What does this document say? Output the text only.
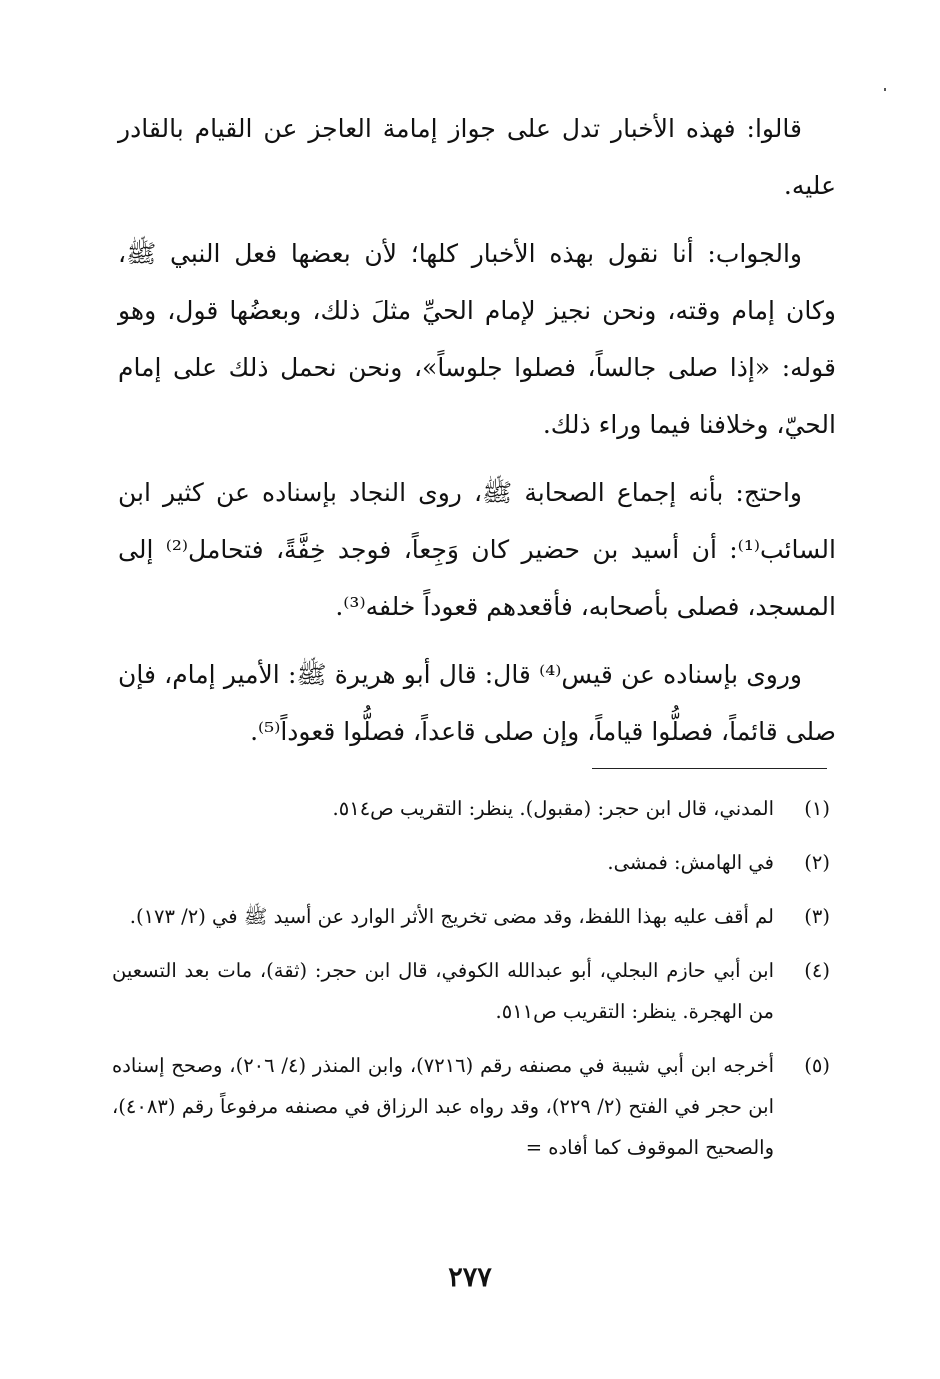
قالوا: فهذه الأخبار تدل على جواز إمامة العاجز عن القيام بالقادر عليه.

والجواب: أنا نقول بهذه الأخبار كلها؛ لأن بعضها فعل النبي ﷺ، وكان إمام وقته، ونحن نجيز لإمام الحيِّ مثلَ ذلك، وبعضُها قول، وهو قوله: «إذا صلى جالساً، فصلوا جلوساً»، ونحن نحمل ذلك على إمام الحيّ، وخلافنا فيما وراء ذلك.

واحتج: بأنه إجماع الصحابة ﷺ، روى النجاد بإسناده عن كثير ابن السائب⁽¹⁾: أن أسيد بن حضير كان وَجِعاً، فوجد خِفَّةً، فتحامل⁽²⁾ إلى المسجد، فصلى بأصحابه، فأقعدهم قعوداً خلفه⁽³⁾.

وروى بإسناده عن قيس⁽⁴⁾ قال: قال أبو هريرة ﷺ: الأمير إمام، فإن صلى قائماً، فصلُّوا قياماً، وإن صلى قاعداً، فصلُّوا قعوداً⁽⁵⁾.

(١)
المدني، قال ابن حجر: (مقبول). ينظر: التقريب ص٥١٤.
(٢)
في الهامش: فمشى.
(٣)
لم أقف عليه بهذا اللفظ، وقد مضى تخريج الأثر الوارد عن أسيد ﷺ في (٢/ ١٧٣).
(٤)
ابن أبي حازم البجلي، أبو عبدالله الكوفي، قال ابن حجر: (ثقة)، مات بعد التسعين من الهجرة. ينظر: التقريب ص٥١١.
(٥)
أخرجه ابن أبي شيبة في مصنفه رقم (٧٢١٦)، وابن المنذر (٤/ ٢٠٦)، وصحح إسناده ابن حجر في الفتح (٢/ ٢٢٩)، وقد رواه عبد الرزاق في مصنفه مرفوعاً رقم (٤٠٨٣)، والصحيح الموقوف كما أفاده =
٢٧٧
